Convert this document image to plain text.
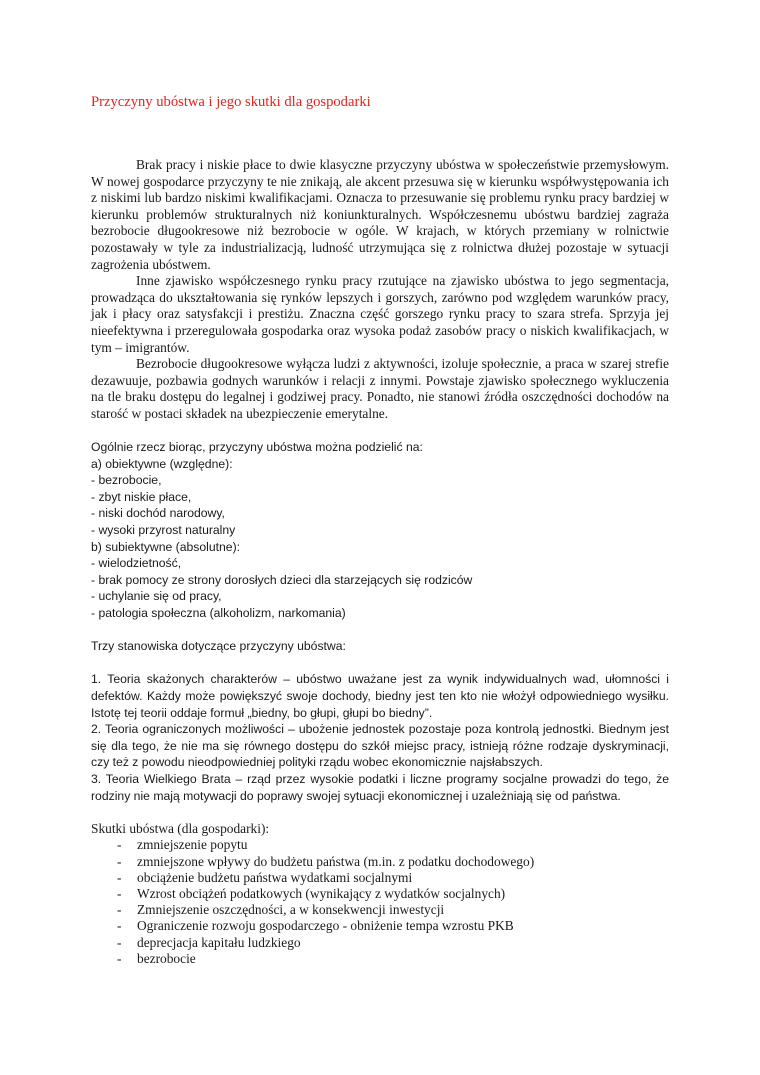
Przyczyny ubóstwa i jego skutki dla gospodarki

Brak pracy i niskie płace to dwie klasyczne przyczyny ubóstwa w społeczeństwie przemysłowym. W nowej gospodarce przyczyny te nie znikają, ale akcent przesuwa się w kierunku współwystępowania ich z niskimi lub bardzo niskimi kwalifikacjami. Oznacza to przesuwanie się problemu rynku pracy bardziej w kierunku problemów strukturalnych niż koniunkturalnych. Współczesnemu ubóstwu bardziej zagraża bezrobocie długookresowe niż bezrobocie w ogóle. W krajach, w których przemiany w rolnictwie pozostawały w tyle za industrializacją, ludność utrzymująca się z rolnictwa dłużej pozostaje w sytuacji zagrożenia ubóstwem.

Inne zjawisko współczesnego rynku pracy rzutujące na zjawisko ubóstwa to jego segmentacja, prowadząca do ukształtowania się rynków lepszych i gorszych, zarówno pod względem warunków pracy, jak i płacy oraz satysfakcji i prestiżu. Znaczna część gorszego rynku pracy to szara strefa. Sprzyja jej nieefektywna i przeregulowała gospodarka oraz wysoka podaż zasobów pracy o niskich kwalifikacjach, w tym – imigrantów.

Bezrobocie długookresowe wyłącza ludzi z aktywności, izoluje społecznie, a praca w szarej strefie dezawuuje, pozbawia godnych warunków i relacji z innymi. Powstaje zjawisko społecznego wykluczenia na tle braku dostępu do legalnej i godziwej pracy. Ponadto, nie stanowi źródła oszczędności dochodów na starość w postaci składek na ubezpieczenie emerytalne.

Ogólnie rzecz biorąc, przyczyny ubóstwa można podzielić na:

a) obiektywne (względne):

- bezrobocie,

- zbyt niskie płace,

- niski dochód narodowy,

- wysoki przyrost naturalny

b) subiektywne (absolutne):

- wielodzietność,

- brak pomocy ze strony dorosłych dzieci dla starzejących się rodziców

- uchylanie się od pracy,

- patologia społeczna (alkoholizm, narkomania)

Trzy stanowiska dotyczące przyczyny ubóstwa:

1. Teoria skażonych charakterów – ubóstwo uważane jest za wynik indywidualnych wad, ułomności i defektów. Każdy może powiększyć swoje dochody, biedny jest ten kto nie włożył odpowiedniego wysiłku. Istotę tej teorii oddaje formuł „biedny, bo głupi, głupi bo biedny”.

2. Teoria ograniczonych możliwości – ubożenie jednostek pozostaje poza kontrolą jednostki. Biednym jest się dla tego, że nie ma się równego dostępu do szkół miejsc pracy, istnieją różne rodzaje dyskryminacji, czy też z powodu nieodpowiedniej polityki rządu wobec ekonomicznie najsłabszych.

3. Teoria Wielkiego Brata – rząd przez wysokie podatki i liczne programy socjalne prowadzi do tego, że rodziny nie mają motywacji do poprawy swojej sytuacji ekonomicznej i uzależniają się od państwa.

Skutki ubóstwa (dla gospodarki):

- zmniejszenie popytu
- zmniejszone wpływy do budżetu państwa (m.in. z podatku dochodowego)
- obciążenie budżetu państwa wydatkami socjalnymi
- Wzrost obciążeń podatkowych (wynikający z wydatków socjalnych)
- Zmniejszenie oszczędności, a w konsekwencji inwestycji
- Ograniczenie rozwoju gospodarczego - obniżenie tempa wzrostu PKB
- deprecjacja kapitału ludzkiego
- bezrobocie
